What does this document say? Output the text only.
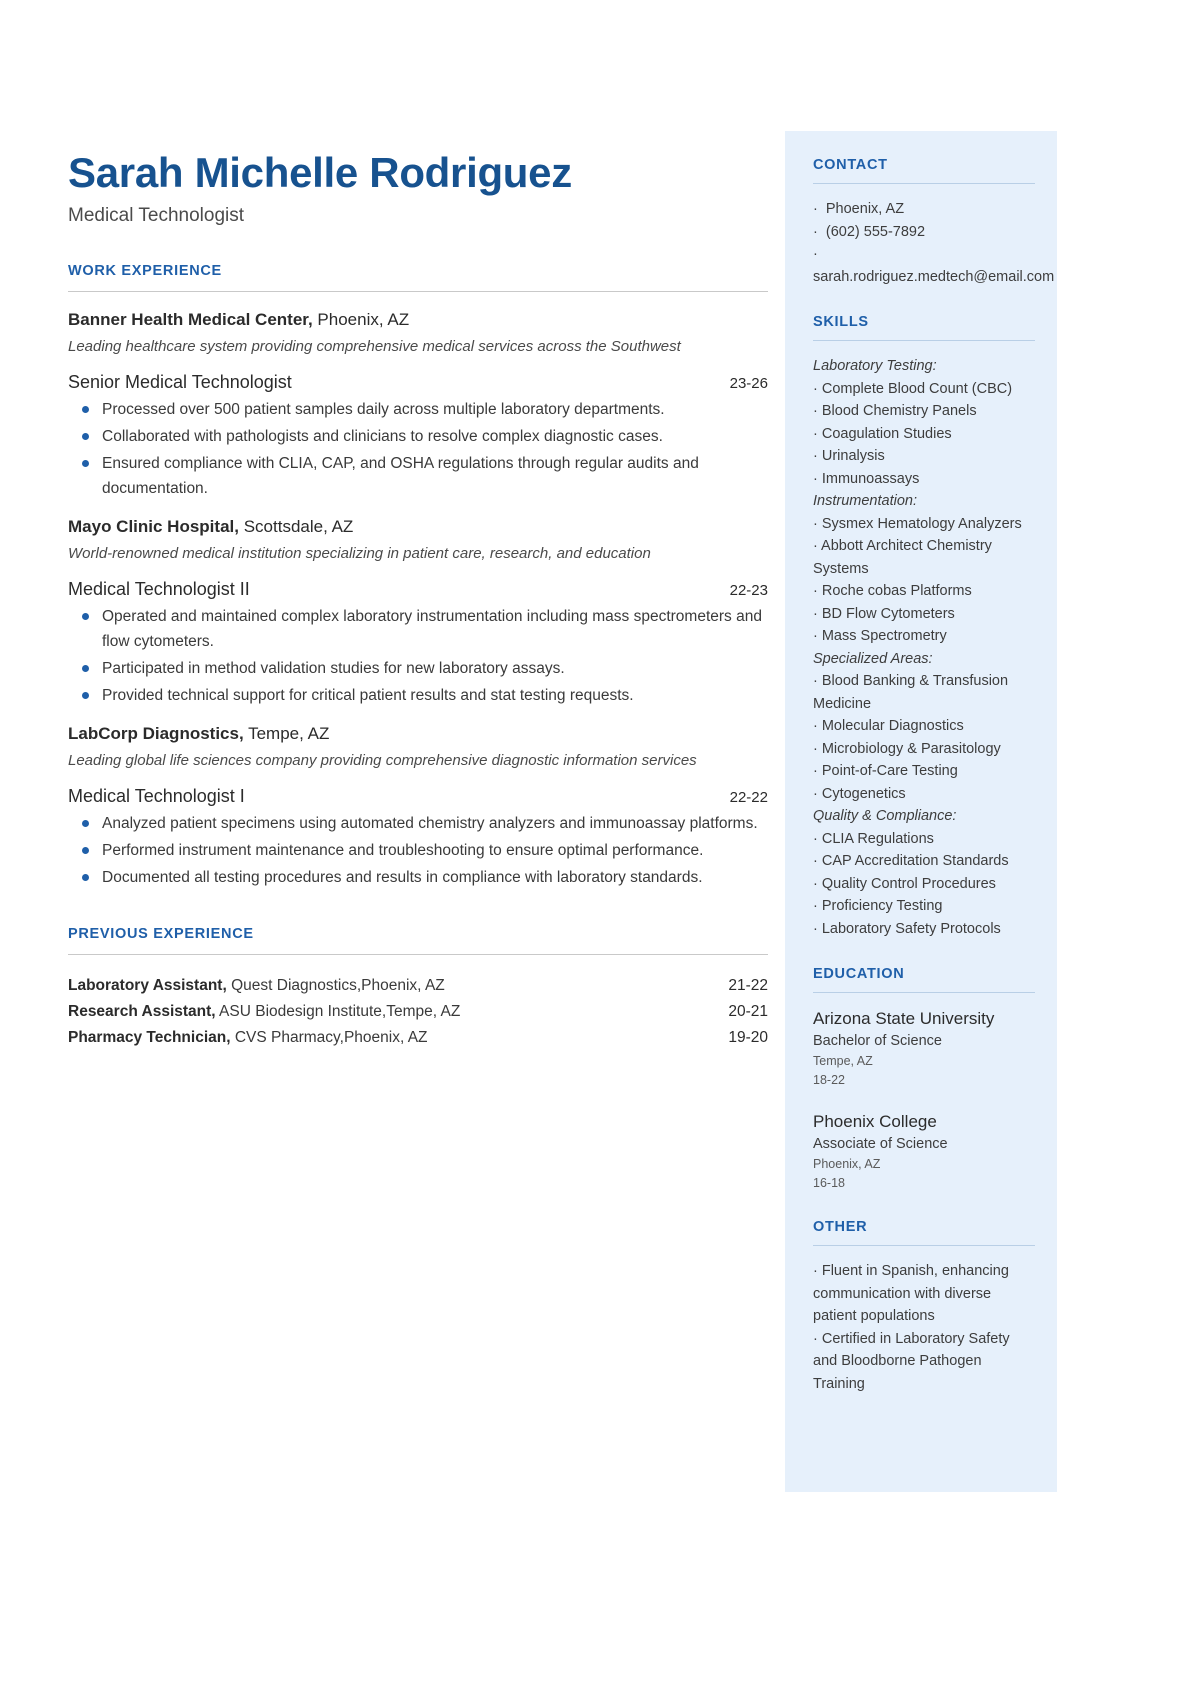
Sarah Michelle Rodriguez
Medical Technologist
WORK EXPERIENCE
Banner Health Medical Center, Phoenix, AZ
Leading healthcare system providing comprehensive medical services across the Southwest
Senior Medical Technologist	23-26
Processed over 500 patient samples daily across multiple laboratory departments.
Collaborated with pathologists and clinicians to resolve complex diagnostic cases.
Ensured compliance with CLIA, CAP, and OSHA regulations through regular audits and documentation.
Mayo Clinic Hospital, Scottsdale, AZ
World-renowned medical institution specializing in patient care, research, and education
Medical Technologist II	22-23
Operated and maintained complex laboratory instrumentation including mass spectrometers and flow cytometers.
Participated in method validation studies for new laboratory assays.
Provided technical support for critical patient results and stat testing requests.
LabCorp Diagnostics, Tempe, AZ
Leading global life sciences company providing comprehensive diagnostic information services
Medical Technologist I	22-22
Analyzed patient specimens using automated chemistry analyzers and immunoassay platforms.
Performed instrument maintenance and troubleshooting to ensure optimal performance.
Documented all testing procedures and results in compliance with laboratory standards.
PREVIOUS EXPERIENCE
Laboratory Assistant, Quest Diagnostics,Phoenix, AZ	21-22
Research Assistant, ASU Biodesign Institute,Tempe, AZ	20-21
Pharmacy Technician, CVS Pharmacy,Phoenix, AZ	19-20
CONTACT
·  Phoenix, AZ
·  (602) 555-7892
·  sarah.rodriguez.medtech@email.com
SKILLS
Laboratory Testing:
· Complete Blood Count (CBC)
· Blood Chemistry Panels
· Coagulation Studies
· Urinalysis
· Immunoassays
Instrumentation:
· Sysmex Hematology Analyzers
· Abbott Architect Chemistry Systems
· Roche cobas Platforms
· BD Flow Cytometers
· Mass Spectrometry
Specialized Areas:
· Blood Banking & Transfusion Medicine
· Molecular Diagnostics
· Microbiology & Parasitology
· Point-of-Care Testing
· Cytogenetics
Quality & Compliance:
· CLIA Regulations
· CAP Accreditation Standards
· Quality Control Procedures
· Proficiency Testing
· Laboratory Safety Protocols
EDUCATION
Arizona State University
Bachelor of Science
Tempe, AZ
18-22
Phoenix College
Associate of Science
Phoenix, AZ
16-18
OTHER
· Fluent in Spanish, enhancing communication with diverse patient populations
· Certified in Laboratory Safety and Bloodborne Pathogen Training
